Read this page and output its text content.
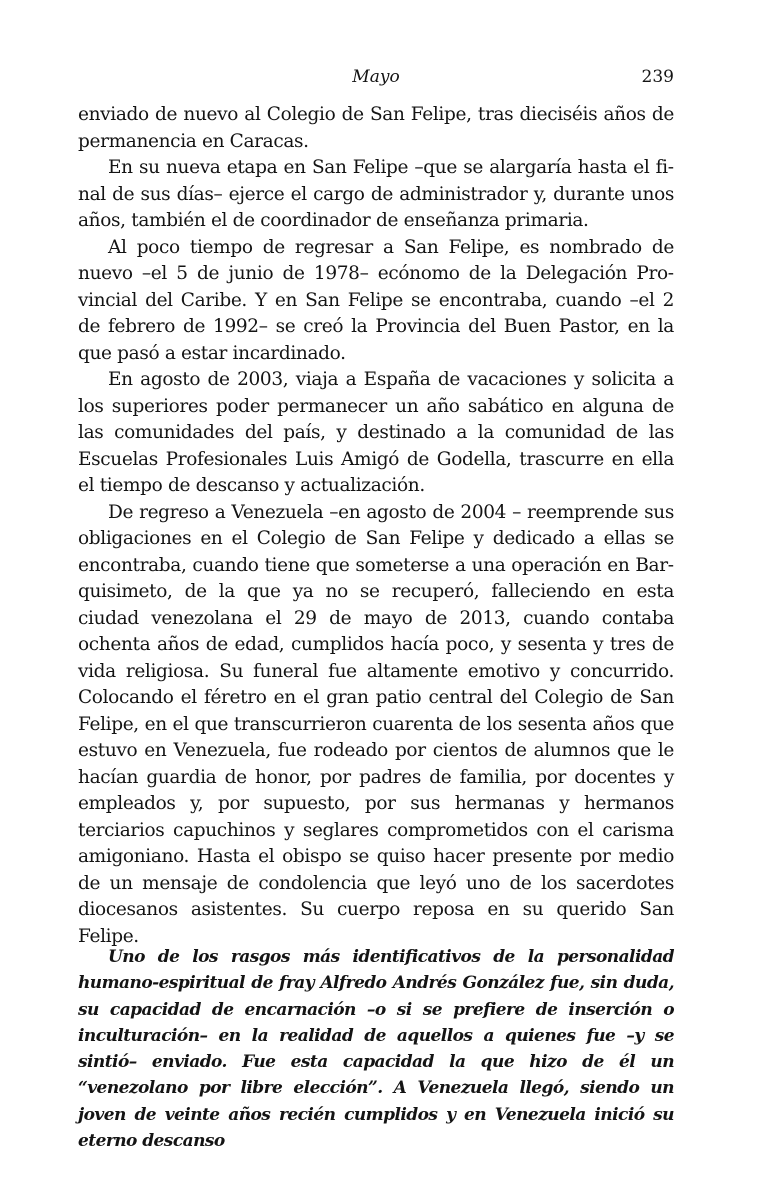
Mayo	239

enviado de nuevo al Colegio de San Felipe, tras dieciséis años de permanencia en Caracas.

En su nueva etapa en San Felipe –que se alargaría hasta el final de sus días– ejerce el cargo de administrador y, durante unos años, también el de coordinador de enseñanza primaria.

Al poco tiempo de regresar a San Felipe, es nombrado de nuevo –el 5 de junio de 1978– ecónomo de la Delegación Provincial del Caribe. Y en San Felipe se encontraba, cuando –el 2 de febrero de 1992– se creó la Provincia del Buen Pastor, en la que pasó a estar incardinado.

En agosto de 2003, viaja a España de vacaciones y solicita a los superiores poder permanecer un año sabático en alguna de las comunidades del país, y destinado a la comunidad de las Escuelas Profesionales Luis Amigó de Godella, trascurre en ella el tiempo de descanso y actualización.

De regreso a Venezuela –en agosto de 2004 – reemprende sus obligaciones en el Colegio de San Felipe y dedicado a ellas se encontraba, cuando tiene que someterse a una operación en Barquisimeto, de la que ya no se recuperó, falleciendo en esta ciudad venezolana el 29 de mayo de 2013, cuando contaba ochenta años de edad, cumplidos hacía poco, y sesenta y tres de vida religiosa. Su funeral fue altamente emotivo y concurrido. Colocando el féretro en el gran patio central del Colegio de San Felipe, en el que transcurrieron cuarenta de los sesenta años que estuvo en Venezuela, fue rodeado por cientos de alumnos que le hacían guardia de honor, por padres de familia, por docentes y empleados y, por supuesto, por sus hermanas y hermanos terciarios capuchinos y seglares comprometidos con el carisma amigoniano. Hasta el obispo se quiso hacer presente por medio de un mensaje de condolencia que leyó uno de los sacerdotes diocesanos asistentes. Su cuerpo reposa en su querido San Felipe.

Uno de los rasgos más identificativos de la personalidad humano-espiritual de fray Alfredo Andrés González fue, sin duda, su capacidad de encarnación –o si se prefiere de inserción o inculturación– en la realidad de aquellos a quienes fue –y se sintió– enviado. Fue esta capacidad la que hizo de él un “venezolano por libre elección”. A Venezuela llegó, siendo un joven de veinte años recién cumplidos y en Venezuela inició su eterno descanso
